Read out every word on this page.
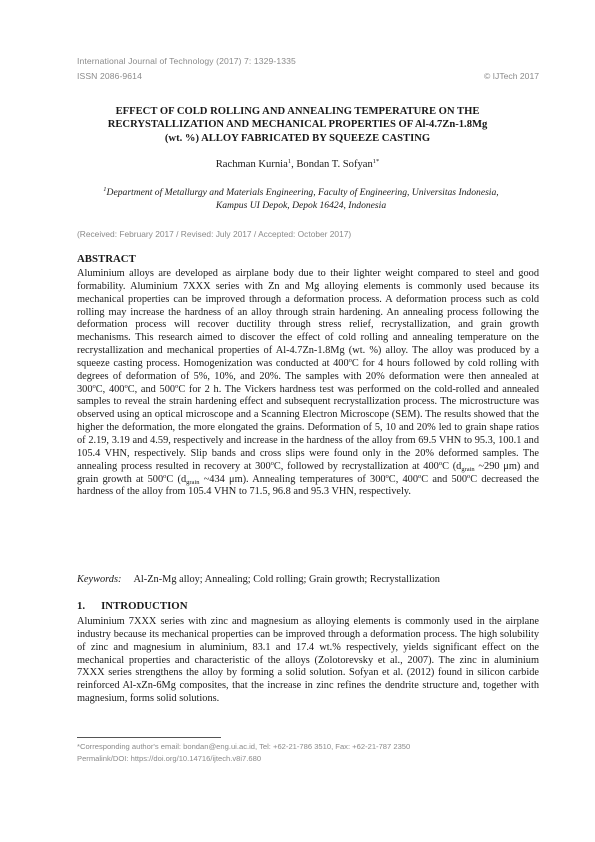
International Journal of Technology (2017) 7: 1329-1335
ISSN 2086-9614	© IJTech 2017
EFFECT OF COLD ROLLING AND ANNEALING TEMPERATURE ON THE
RECRYSTALLIZATION AND MECHANICAL PROPERTIES OF Al-4.7Zn-1.8Mg
(wt. %) ALLOY FABRICATED BY SQUEEZE CASTING
Rachman Kurnia$^1$, Bondan T. Sofyan$^{1*}$
$^1$Department of Metallurgy and Materials Engineering, Faculty of Engineering, Universitas Indonesia,
Kampus UI Depok, Depok 16424, Indonesia
(Received: February 2017 / Revised: July 2017 / Accepted: October 2017)
ABSTRACT

Aluminium alloys are developed as airplane body due to their lighter weight compared to steel and good formability. Aluminium 7XXX series with Zn and Mg alloying elements is commonly used because its mechanical properties can be improved through a deformation process. A deformation process such as cold rolling may increase the hardness of an alloy through strain hardening. An annealing process following the deformation process will recover ductility through stress relief, recrystallization, and grain growth mechanisms. This research aimed to discover the effect of cold rolling and annealing temperature on the recrystallization and mechanical properties of Al-4.7Zn-1.8Mg (wt. %) alloy. The alloy was produced by a squeeze casting process. Homogenization was conducted at 400$^o$C for 4 hours followed by cold rolling with degrees of deformation of 5%, 10%, and 20%. The samples with 20% deformation were then annealed at 300$^o$C, 400$^o$C, and 500$^o$C for 2 h. The Vickers hardness test was performed on the cold-rolled and annealed samples to reveal the strain hardening effect and subsequent recrystallization process. The microstructure was observed using an optical microscope and a Scanning Electron Microscope (SEM). The results showed that the higher the deformation, the more elongated the grains. Deformation of 5, 10 and 20% led to grain shape ratios of 2.19, 3.19 and 4.59, respectively and increase in the hardness of the alloy from 69.5 VHN to 95.3, 100.1 and 105.4 VHN, respectively. Slip bands and cross slips were found only in the 20% deformed samples. The annealing process resulted in recovery at 300$^o$C, followed by recrystallization at 400$^o$C ($d_{grain}$ ~290 μm) and grain growth at 500$^o$C ($d_{grain}$ ~434 μm). Annealing temperatures of 300$^o$C, 400$^o$C and 500$^o$C decreased the hardness of the alloy from 105.4 VHN to 71.5, 96.8 and 95.3 VHN, respectively.

Keywords: Al-Zn-Mg alloy; Annealing; Cold rolling; Grain growth; Recrystallization
1. INTRODUCTION

Aluminium 7XXX series with zinc and magnesium as alloying elements is commonly used in the airplane industry because its mechanical properties can be improved through a deformation process. The high solubility of zinc and magnesium in aluminium, 83.1 and 17.4 wt.% respectively, yields significant effect on the mechanical properties and characteristic of the alloys (Zolotorevsky et al., 2007). The zinc in aluminium 7XXX series strengthens the alloy by forming a solid solution. Sofyan et al. (2012) found in silicon carbide reinforced Al-xZn-6Mg composites, that the increase in zinc refines the dendrite structure and, together with magnesium, forms solid solutions.

*Corresponding author's email: bondan@eng.ui.ac.id, Tel: +62-21-786 3510, Fax: +62-21-787 2350
Permalink/DOI: https://doi.org/10.14716/ijtech.v8i7.680
